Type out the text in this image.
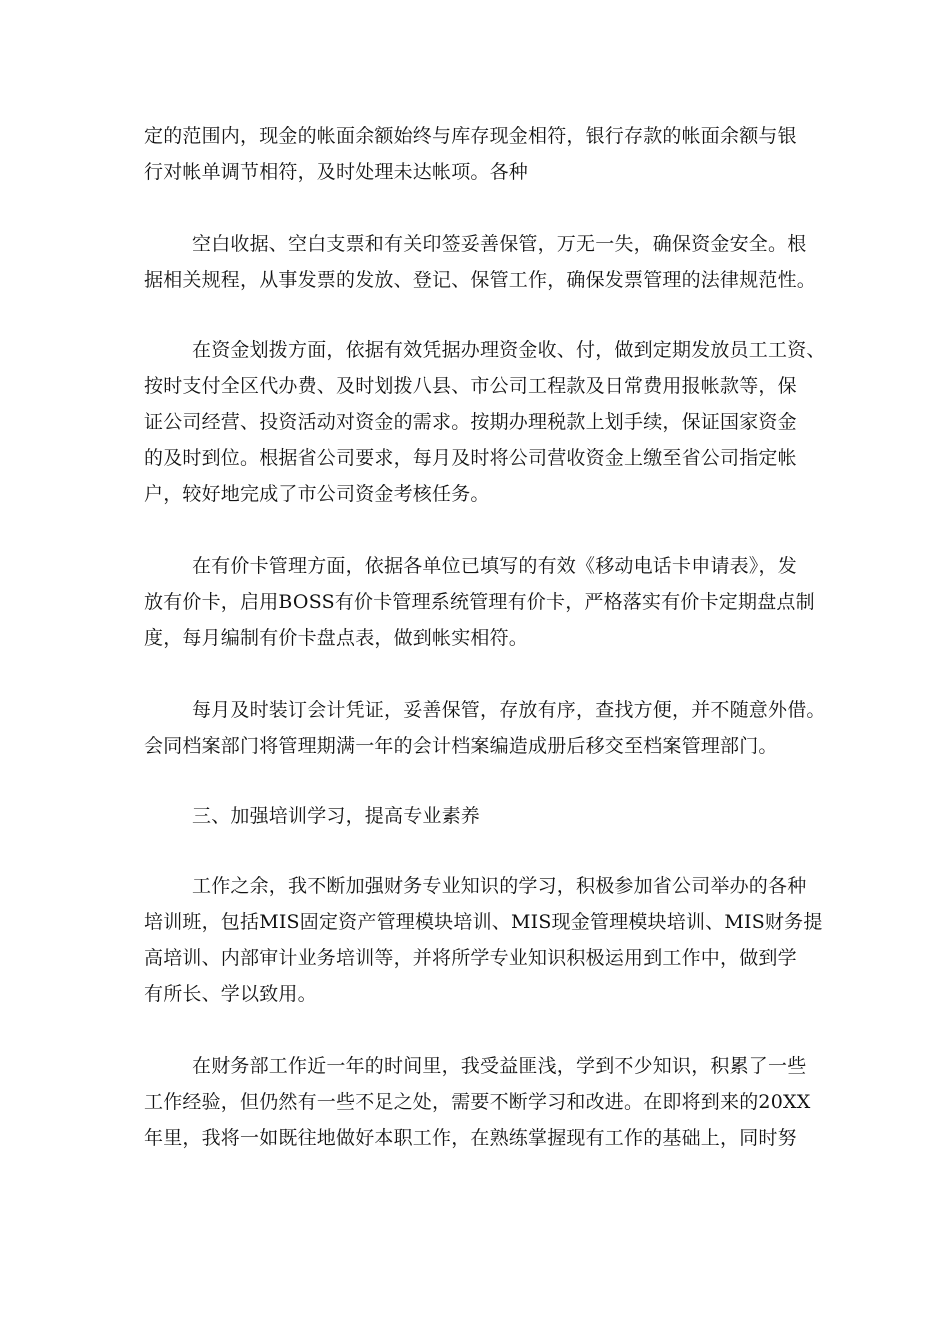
定的范围内，现金的帐面余额始终与库存现金相符，银行存款的帐面余额与银
行对帐单调节相符，及时处理未达帐项。各种
空白收据、空白支票和有关印签妥善保管，万无一失，确保资金安全。根
据相关规程，从事发票的发放、登记、保管工作，确保发票管理的法律规范性。
在资金划拨方面，依据有效凭据办理资金收、付，做到定期发放员工工资、
按时支付全区代办费、及时划拨八县、市公司工程款及日常费用报帐款等，保
证公司经营、投资活动对资金的需求。按期办理税款上划手续，保证国家资金
的及时到位。根据省公司要求，每月及时将公司营收资金上缴至省公司指定帐
户，较好地完成了市公司资金考核任务。
在有价卡管理方面，依据各单位已填写的有效《移动电话卡申请表》，发
放有价卡，启用BOSS有价卡管理系统管理有价卡，严格落实有价卡定期盘点制
度，每月编制有价卡盘点表，做到帐实相符。
每月及时装订会计凭证，妥善保管，存放有序，查找方便，并不随意外借。
会同档案部门将管理期满一年的会计档案编造成册后移交至档案管理部门。
三、加强培训学习，提高专业素养
工作之余，我不断加强财务专业知识的学习，积极参加省公司举办的各种
培训班，包括MIS固定资产管理模块培训、MIS现金管理模块培训、MIS财务提
高培训、内部审计业务培训等，并将所学专业知识积极运用到工作中，做到学
有所长、学以致用。
在财务部工作近一年的时间里，我受益匪浅，学到不少知识，积累了一些
工作经验，但仍然有一些不足之处，需要不断学习和改进。在即将到来的20XX
年里，我将一如既往地做好本职工作，在熟练掌握现有工作的基础上，同时努
